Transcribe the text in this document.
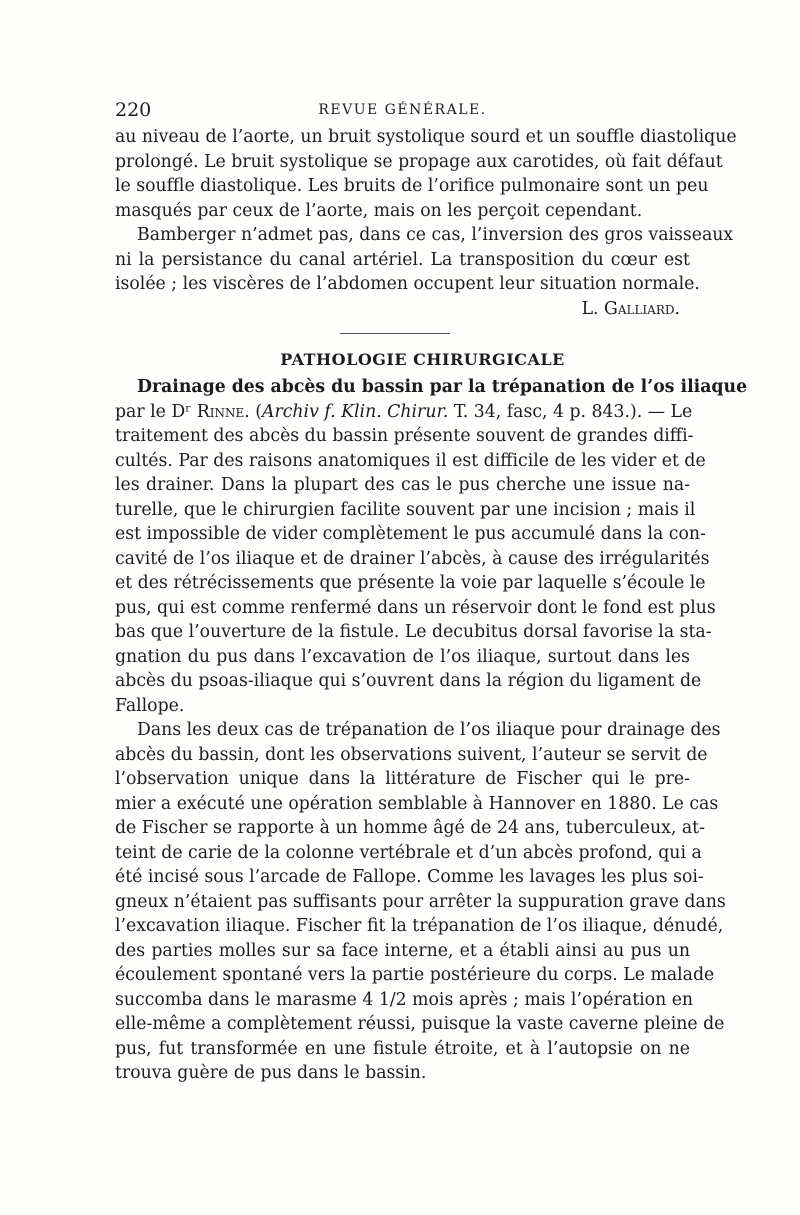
220	REVUE GÉNÉRALE.
au niveau de l’aorte, un bruit systolique sourd et un souffle diastolique
prolongé. Le bruit systolique se propage aux carotides, où fait défaut
le souffle diastolique. Les bruits de l’orifice pulmonaire sont un peu
masqués par ceux de l’aorte, mais on les perçoit cependant.
Bamberger n’admet pas, dans ce cas, l’inversion des gros vaisseaux
ni la persistance du canal artériel. La transposition du cœur est
isolée ; les viscères de l’abdomen occupent leur situation normale.
L. Galliard.
PATHOLOGIE CHIRURGICALE
Drainage des abcès du bassin par la trépanation de l’os iliaque
par le Dʳ Rinne. (Archiv f. Klin. Chirur. T. 34, fasc, 4 p. 843.). — Le
traitement des abcès du bassin présente souvent de grandes diffi-
cultés. Par des raisons anatomiques il est difficile de les vider et de
les drainer. Dans la plupart des cas le pus cherche une issue na-
turelle, que le chirurgien facilite souvent par une incision ; mais il
est impossible de vider complètement le pus accumulé dans la con-
cavité de l’os iliaque et de drainer l’abcès, à cause des irrégularités
et des rétrécissements que présente la voie par laquelle s’écoule le
pus, qui est comme renfermé dans un réservoir dont le fond est plus
bas que l’ouverture de la fistule. Le decubitus dorsal favorise la sta-
gnation du pus dans l’excavation de l’os iliaque, surtout dans les
abcès du psoas-iliaque qui s’ouvrent dans la région du ligament de
Fallope.
Dans les deux cas de trépanation de l’os iliaque pour drainage des
abcès du bassin, dont les observations suivent, l’auteur se servit de
l’observation unique dans la littérature de Fischer qui le pre-
mier a exécuté une opération semblable à Hannover en 1880. Le cas
de Fischer se rapporte à un homme âgé de 24 ans, tuberculeux, at-
teint de carie de la colonne vertébrale et d’un abcès profond, qui a
été incisé sous l’arcade de Fallope. Comme les lavages les plus soi-
gneux n’étaient pas suffisants pour arrêter la suppuration grave dans
l’excavation iliaque. Fischer fit la trépanation de l’os iliaque, dénudé,
des parties molles sur sa face interne, et a établi ainsi au pus un
écoulement spontané vers la partie postérieure du corps. Le malade
succomba dans le marasme 4 1/2 mois après ; mais l’opération en
elle-même a complètement réussi, puisque la vaste caverne pleine de
pus, fut transformée en une fistule étroite, et à l’autopsie on ne
trouva guère de pus dans le bassin.
